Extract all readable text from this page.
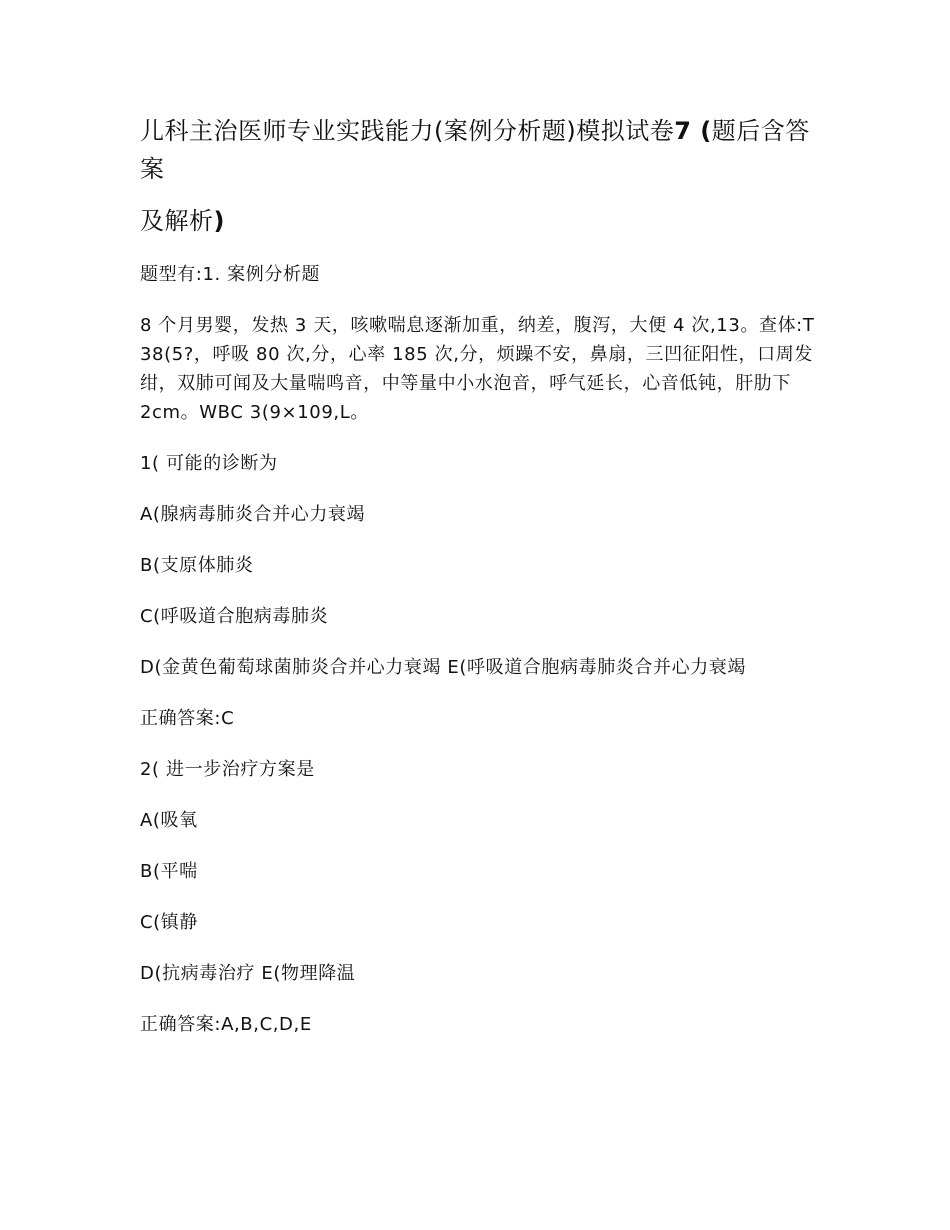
儿科主治医师专业实践能力(案例分析题)模拟试卷7 (题后含答案
及解析)

题型有:1. 案例分析题

8 个月男婴，发热 3 天，咳嗽喘息逐渐加重，纳差，腹泻，大便 4 次,13。查体:T 38(5?，呼吸 80 次,分，心率 185 次,分，烦躁不安，鼻扇，三凹征阳性，口周发绀，双肺可闻及大量喘鸣音，中等量中小水泡音，呼气延长，心音低钝，肝肋下 2cm。WBC 3(9×109,L。

1( 可能的诊断为

A(腺病毒肺炎合并心力衰竭

B(支原体肺炎

C(呼吸道合胞病毒肺炎

D(金黄色葡萄球菌肺炎合并心力衰竭 E(呼吸道合胞病毒肺炎合并心力衰竭

正确答案:C

2( 进一步治疗方案是

A(吸氧

B(平喘

C(镇静

D(抗病毒治疗 E(物理降温

正确答案:A,B,C,D,E
